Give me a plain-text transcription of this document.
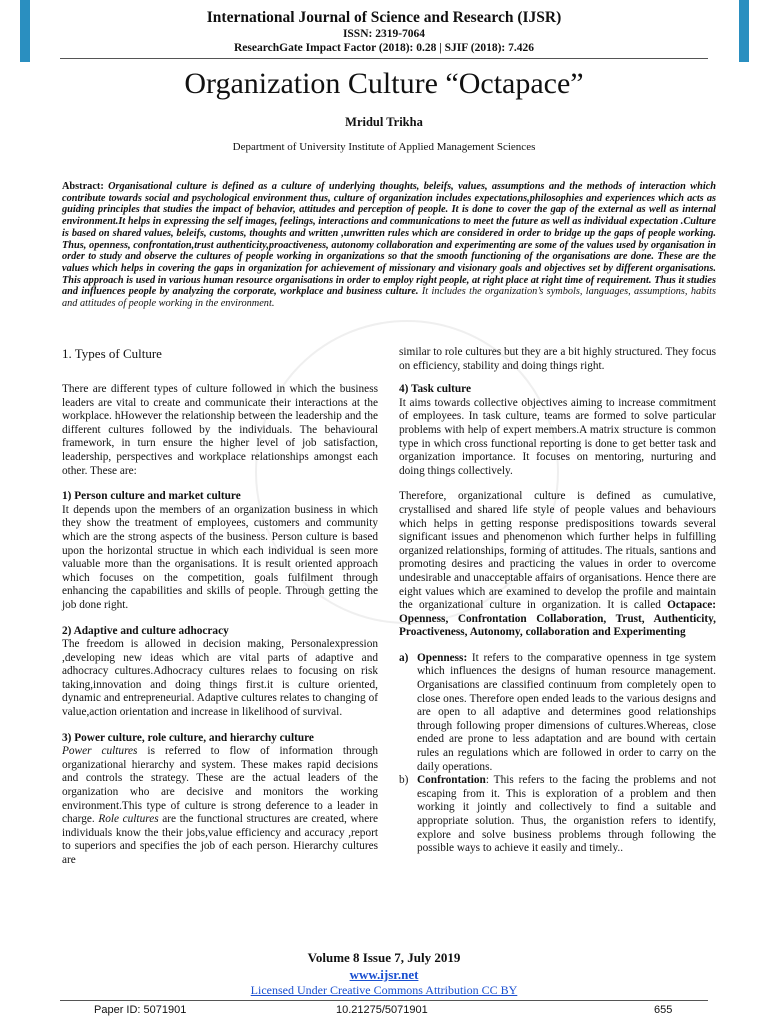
International Journal of Science and Research (IJSR)
ISSN: 2319-7064
ResearchGate Impact Factor (2018): 0.28 | SJIF (2018): 7.426
Organization Culture “Octapace”
Mridul Trikha
Department of University Institute of Applied Management Sciences

Abstract: Organisational culture is defined as a culture of underlying thoughts, beleifs, values, assumptions and the methods of interaction which contribute towards social and psychological environment thus, culture of organization includes expectations,philosophies and experiences which acts as guiding principles that studies the impact of behavior, attitudes and perception of people. It is done to cover the gap of the external as well as internal environment.It helps in expressing the self images, feelings, interactions and communications to meet the future as well as individual expectation .Culture is based on shared values, beleifs, customs, thoughts and written ,unwritten rules which are considered in order to bridge up the gaps of people working. Thus, openness, confrontation,trust authenticity,proactiveness, autonomy collaboration and experimenting are some of the values used by organisation in order to study and observe the cultures of people working in organizations so that the smooth functioning of the organisations are done. These are the values which helps in covering the gaps in organization for achievement of missionary and visionary goals and objectives set by different organisations. This approach is used in various human resource organisations in order to employ right people, at right place at right time of requirement. Thus it studies and influences people by analyzing the corporate, workplace and business culture. It includes the organization’s symbols, languages, assumptions, habits and attitudes of people working in the environment.

1. Types of Culture

There are different types of culture followed in which the business leaders are vital to create and communicate their interactions at the workplace. hHowever the relationship between the leadership and the different cultures followed by the individuals. The behavioural framework, in turn ensure the higher level of job satisfaction, leadership, perspectives and workplace relationships amongst each other. These are:

1) Person culture and market culture

It depends upon the members of an organization business in which they show the treatment of employees, customers and community which are the strong aspects of the business. Person culture is based upon the horizontal structue in which each individual is seen more valuable more than the organisations. It is result oriented approach which focuses on the competition, goals fulfilment through enhancing the capabilities and skills of people. Through getting the job done right.

2) Adaptive and culture adhocracy

The freedom is allowed in decision making, Personalexpression ,developing new ideas which are vital parts of adaptive and adhocracy cultures.Adhocracy cultures relaes to focusing on risk taking,innovation and doing things first.it is culture oriented, dynamic and entrepreneurial. Adaptive cultures relates to changing of value,action orientation and increase in likelihood of survival.

3) Power culture, role culture, and hierarchy culture

Power cultures is referred to flow of information through organizational hierarchy and system. These makes rapid decisions and controls the strategy. These are the actual leaders of the organization who are decisive and monitors the working environment.This type of culture is strong deference to a leader in charge. Role cultures are the functional structures are created, where individuals know the their jobs,value efficiency and accuracy ,report to superiors and specifies the job of each person. Hierarchy cultures are

similar to role cultures but they are a bit highly structured. They focus on efficiency, stability and doing things right.

4) Task culture

It aims towards collective objectives aiming to increase commitment of employees. In task culture, teams are formed to solve particular problems with help of expert members.A matrix structure is common type in which cross functional reporting is done to get better task and organization importance. It focuses on mentoring, nurturing and doing things collectively.

Therefore, organizational culture is defined as cumulative, crystallised and shared life style of people values and behaviours which helps in getting response predispositions towards several significant issues and phenomenon which further helps in fulfilling organized relationships, forming of attitudes. The rituals, santions and promoting desires and practicing the values in order to overcome undesirable and unacceptable affairs of organisations. Hence there are eight values which are examined to develop the profile and maintain the organizational culture in organization. It is called Octapace: Openness, Confrontation Collaboration, Trust, Authenticity, Proactiveness, Autonomy, collaboration and Experimenting

a) Openness: It refers to the comparative openness in tge system which influences the designs of human resource management. Organisations are classified continuum from completely open to close ones. Therefore open ended leads to the various designs and are open to all adaptive and determines good relationships through following proper dimensions of cultures.Whereas, close ended are prone to less adaptation and are bound with certain rules an regulations which are followed in order to carry on the daily operations.
b) Confrontation: This refers to the facing the problems and not escaping from it. This is exploration of a problem and then working it jointly and collectively to find a suitable and appropriate solution. Thus, the organistion refers to identify, explore and solve business problems through following the possible ways to achieve it easily and timely..
Volume 8 Issue 7, July 2019
www.ijsr.net
Licensed Under Creative Commons Attribution CC BY
Paper ID: 5071901	10.21275/5071901	655
